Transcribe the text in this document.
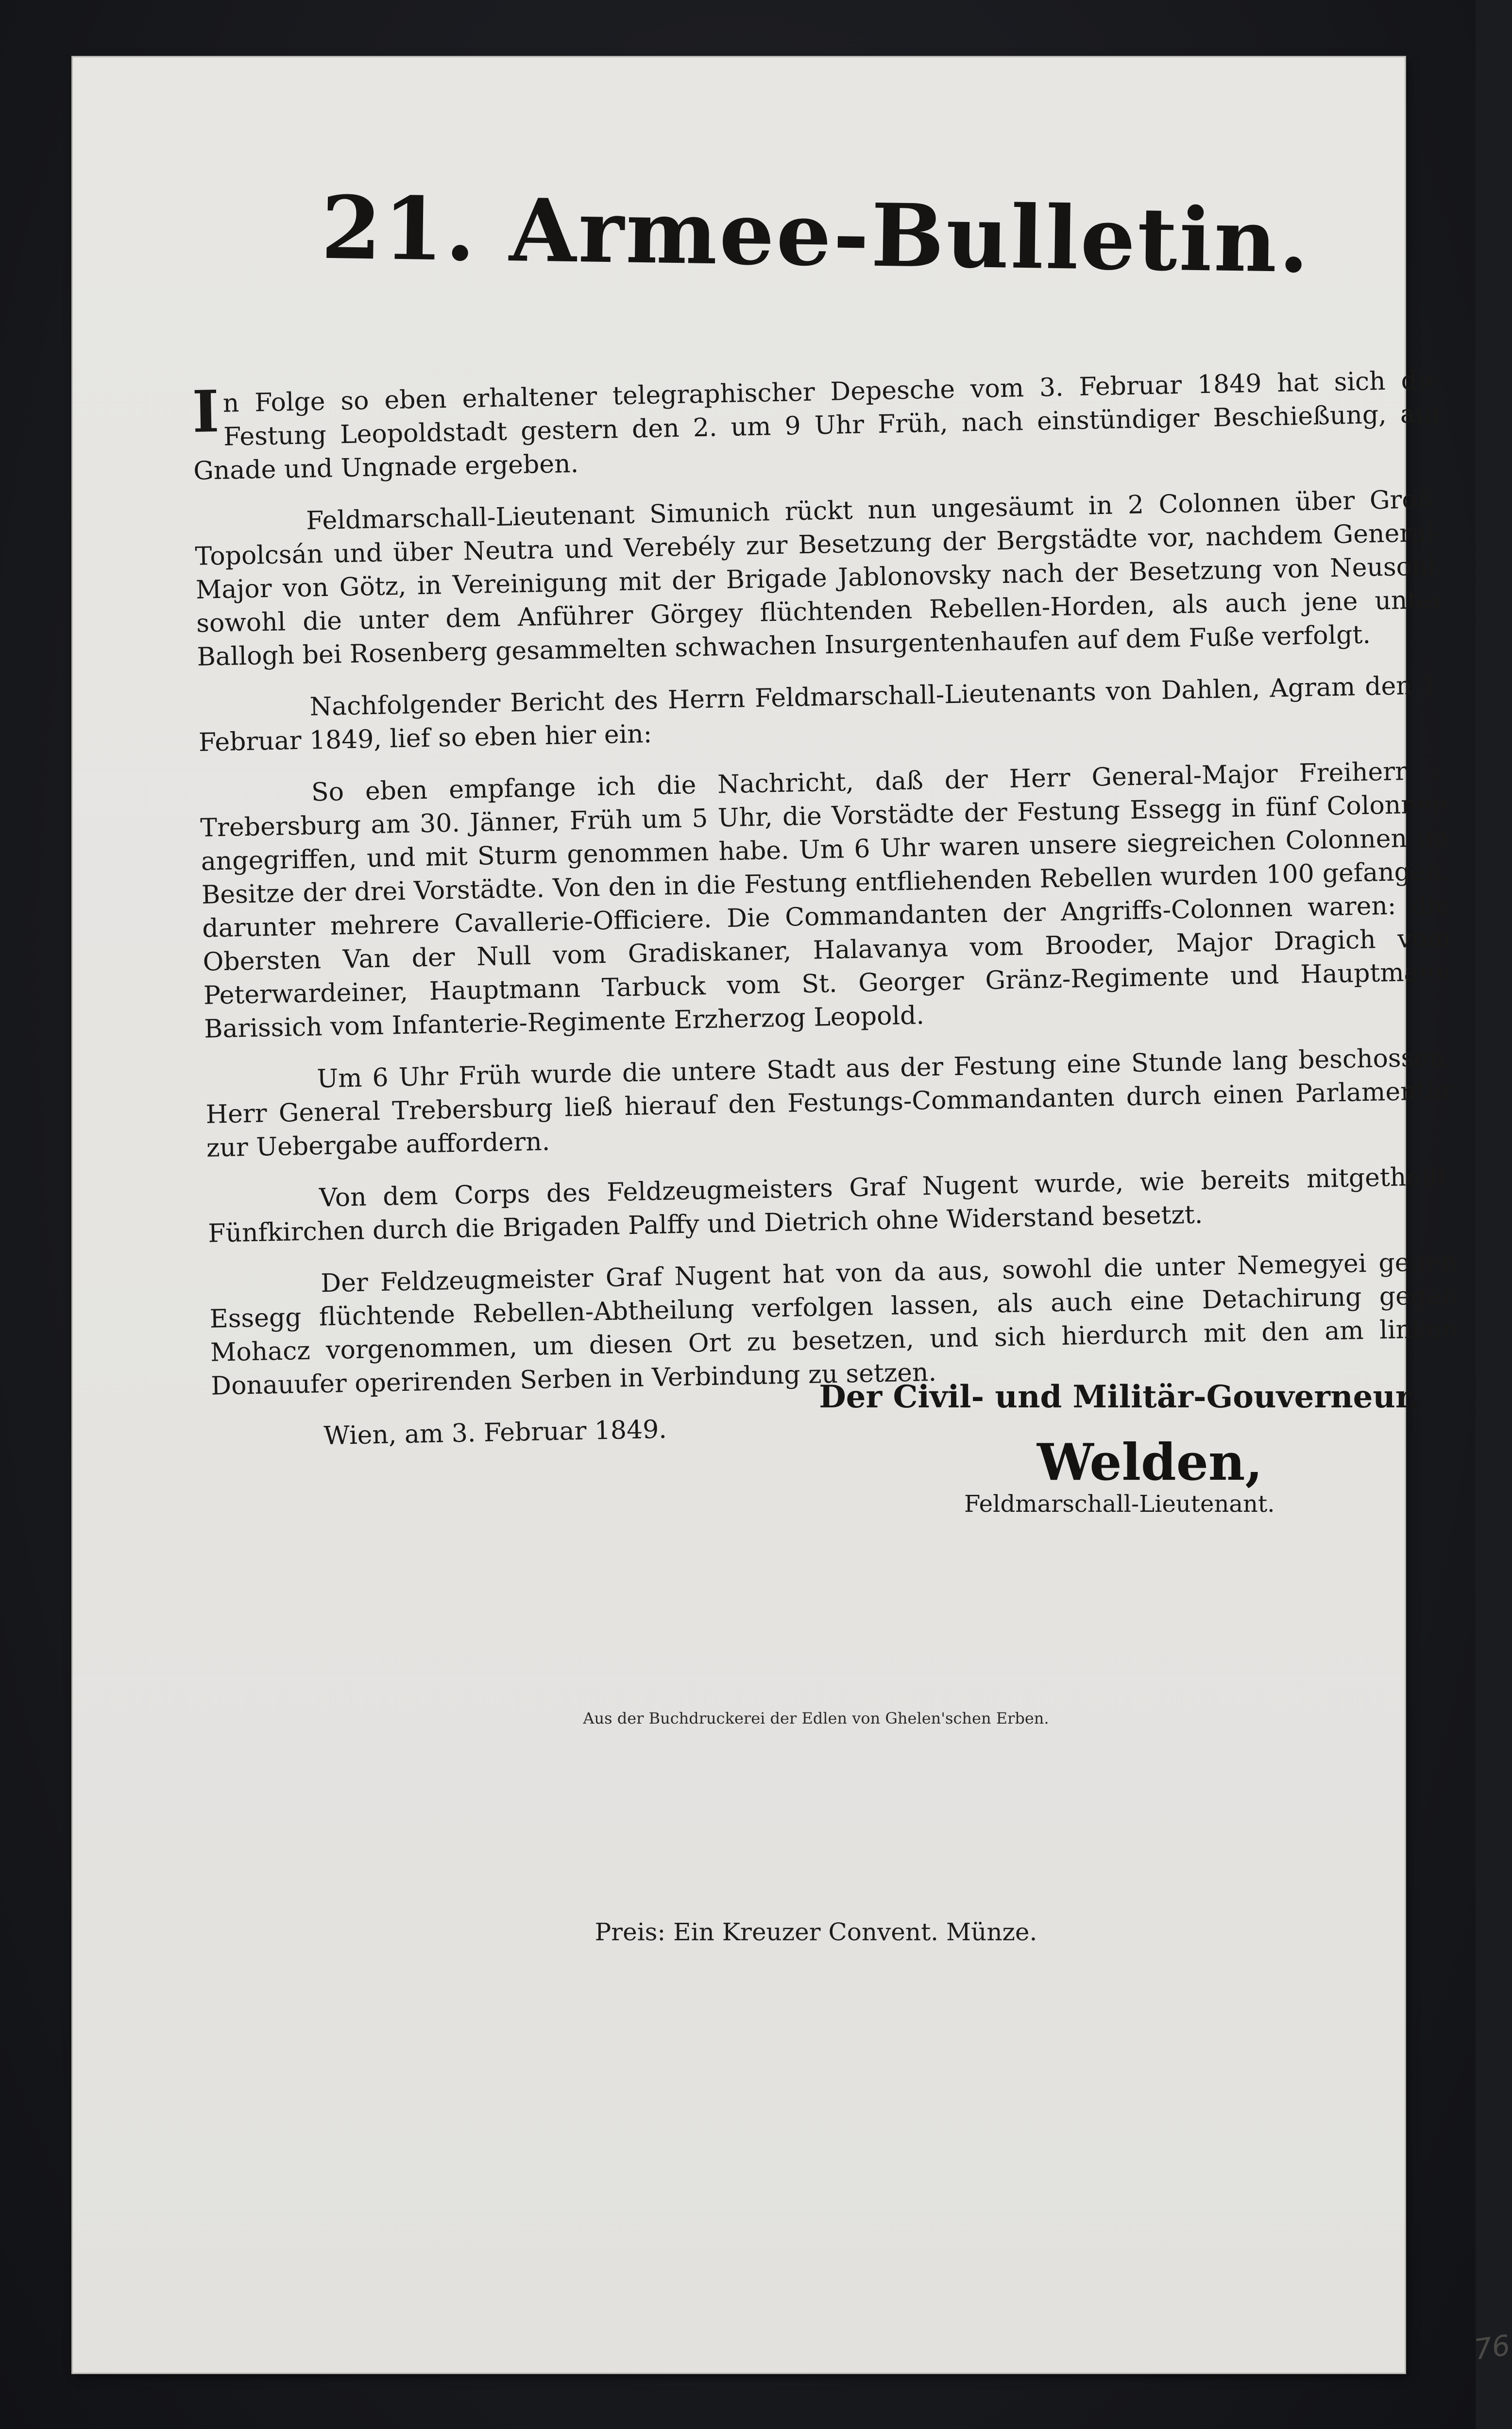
21. Armee-Bulletin.

In Folge so eben erhaltener telegraphischer Depesche vom 3. Februar 1849 hat sich die Festung Leopoldstadt gestern den 2. um 9 Uhr Früh, nach einstündiger Beschießung, auf Gnade und Ungnade ergeben.

Feldmarschall-Lieutenant Simunich rückt nun ungesäumt in 2 Colonnen über Groß-Topolcsán und über Neutra und Verebély zur Besetzung der Bergstädte vor, nachdem General-Major von Götz, in Vereinigung mit der Brigade Jablonovsky nach der Besetzung von Neusohl, sowohl die unter dem Anführer Görgey flüchtenden Rebellen-Horden, als auch jene unter Ballogh bei Rosenberg gesammelten schwachen Insurgentenhaufen auf dem Fuße verfolgt.

Nachfolgender Bericht des Herrn Feldmarschall-Lieutenants von Dahlen, Agram den 1. Februar 1849, lief so eben hier ein:

So eben empfange ich die Nachricht, daß der Herr General-Major Freiherr v. Trebersburg am 30. Jänner, Früh um 5 Uhr, die Vorstädte der Festung Essegg in fünf Colonnen angegriffen, und mit Sturm genommen habe. Um 6 Uhr waren unsere siegreichen Colonnen im Besitze der drei Vorstädte. Von den in die Festung entfliehenden Rebellen wurden 100 gefangen, darunter mehrere Cavallerie-Officiere. Die Commandanten der Angriffs-Colonnen waren: die Obersten Van der Null vom Gradiskaner, Halavanya vom Brooder, Major Dragich vom Peterwardeiner, Hauptmann Tarbuck vom St. Georger Gränz-Regimente und Hauptmann Barissich vom Infanterie-Regimente Erzherzog Leopold.

Um 6 Uhr Früh wurde die untere Stadt aus der Festung eine Stunde lang beschossen. Herr General Trebersburg ließ hierauf den Festungs-Commandanten durch einen Parlamentär zur Uebergabe auffordern.

Von dem Corps des Feldzeugmeisters Graf Nugent wurde, wie bereits mitgetheilt, Fünfkirchen durch die Brigaden Palffy und Dietrich ohne Widerstand besetzt.

Der Feldzeugmeister Graf Nugent hat von da aus, sowohl die unter Nemegyei gegen Essegg flüchtende Rebellen-Abtheilung verfolgen lassen, als auch eine Detachirung gegen Mohacz vorgenommen, um diesen Ort zu besetzen, und sich hierdurch mit den am linken Donauufer operirenden Serben in Verbindung zu setzen.

Wien, am 3. Februar 1849.

Der Civil- und Militär-Gouverneur.
Welden,
Feldmarschall-Lieutenant.
Aus der Buchdruckerei der Edlen von Ghelen'schen Erben.
Preis: Ein Kreuzer Convent. Münze.
76
